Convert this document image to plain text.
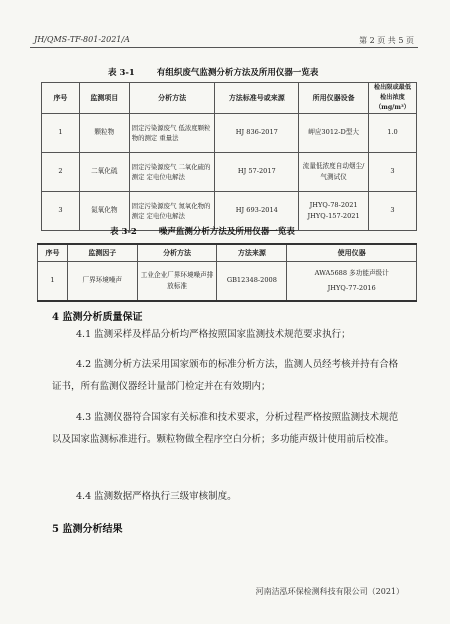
JH/QMS-TF-801-2021/A	第 2 页 共 5 页
表 3-1	有组织废气监测分析方法及所用仪器一览表
序号	监测项目	分析方法	方法标准号或来源	所用仪器设备	检出限或最低检出浓度（mg/m³）
1	颗粒物	固定污染源废气 低浓度颗粒物的测定 重量法	HJ 836-2017	岬应3012-D型大	1.0
2	二氧化硫	固定污染源废气 二氧化硫的测定 定电位电解法	HJ 57-2017	流量低浓度自动烟尘/气测试仪	3
3	氮氧化物	固定污染源废气 氮氧化物的测定 定电位电解法	HJ 693-2014	JHYQ-78-2021 JHYQ-157-2021	3
表 3-2	噪声监测分析方法及所用仪器一览表
序号	监测因子	分析方法	方法来源	使用仪器
1	厂界环境噪声	工业企业厂界环境噪声排放标准	GB12348-2008	AWA5688 多功能声级计
JHYQ-77-2016
4 监测分析质量保证
4.1 监测采样及样品分析均严格按照国家监测技术规范要求执行；
4.2 监测分析方法采用国家颁布的标准分析方法，监测人员经考核并持有合格证书，所有监测仪器经计量部门检定并在有效期内；
4.3 监测仪器符合国家有关标准和技术要求，分析过程严格按照监测技术规范以及国家监测标准进行。颗粒物做全程序空白分析；多功能声级计使用前后校准。
4.4 监测数据严格执行三级审核制度。
5 监测分析结果
河南洁泓环保检测科技有限公司（2021）
